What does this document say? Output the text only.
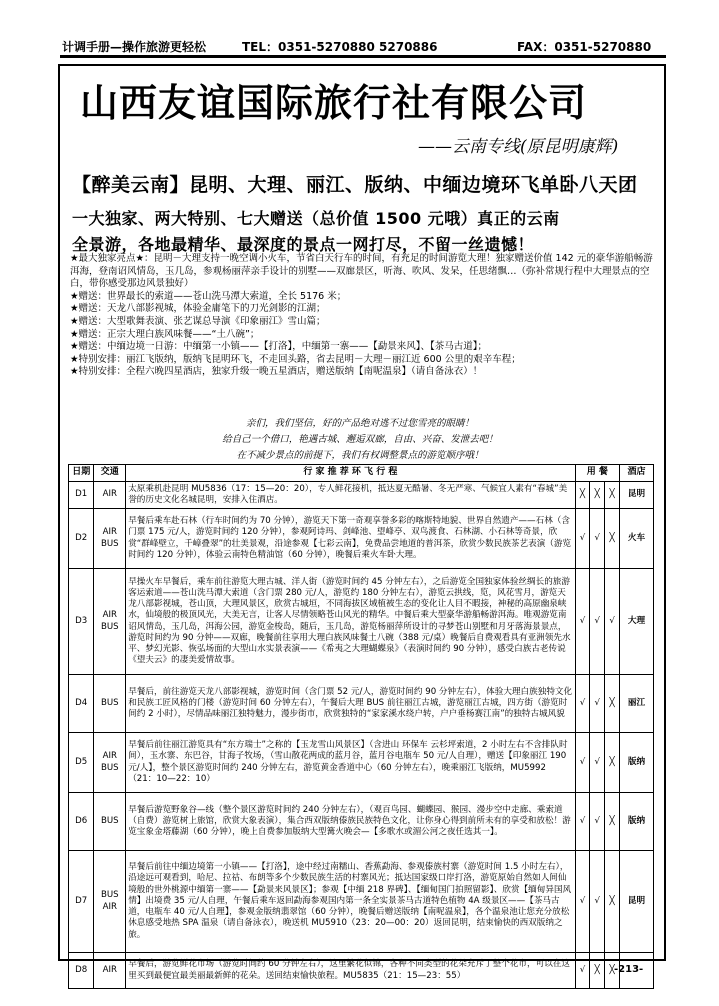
计调手册—操作旅游更轻松	TEL：0351-5270880 5270886	FAX：0351-5270880
山西友谊国际旅行社有限公司
——云南专线(原昆明康辉)
【醉美云南】昆明、大理、丽江、版纳、中缅边境环飞单卧八天团
一大独家、两大特别、七大赠送（总价值 1500 元哦）真正的云南
全景游，各地最精华、最深度的景点一网打尽，不留一丝遗憾！

★最大独家亮点★：昆明－大理支持一晚空调小火车，节省白天行车的时间，有充足的时间游览大理！独家赠送价值 142 元的豪华游船畅游洱海，登南诏风情岛，玉几岛，参观杨丽萍亲手设计的别墅——双廊景区，听海、吹风、发呆，任思绪飘…（弥补常规行程中大理景点的空白，带你感受那边风景独好）

★赠送：世界最长的索道——苍山洗马潭大索道，全长 5176 米；

★赠送：天龙八部影视城，体验金庸笔下的刀光剑影的江湖；

★赠送：大型歌舞表演、张艺谋总导演《印象丽江》雪山篇；

★赠送：正宗大理白族风味餐——“土八碗”；

★赠送：中缅边境一日游：中缅第一小镇——【打洛】，中缅第一寨——【勐景来风】、【茶马古道】；

★特别安排：丽江飞版纳，版纳飞昆明环飞，不走回头路，省去昆明－大理－丽江近 600 公里的艰辛车程；

★特别安排：全程六晚四星酒店，独家升级一晚五星酒店，赠送版纳【南呢温泉】（请自备泳衣）！

亲们，我们坚信，好的产品绝对逃不过您雪亮的眼睛！
给自己一个借口，艳遇古城、邂逅双廊，自由、兴奋、发泄去吧！
在不减少景点的前提下，我们有权调整景点的游览顺序哦！
日期	交通	行 家 推 荐 环 飞 行 程	用 餐			酒店
D1	AIR	太原乘机赴昆明 MU5836（17：15—20：20），专人鲜花接机，抵达夏无酷暑、冬无严寒、气候宜人素有“春城”美誉的历史文化名城昆明，安排入住酒店。	╳	╳	╳	昆明
D2	AIR BUS	早餐后乘车赴石林（行车时间约为 70 分钟），游览天下第一奇观享誉多彩的喀斯特地貌、世界自然遗产——石林（含门票 175 元/人，游览时间约 120 分钟），参观阿诗玛、剑峰池、望峰亭、双鸟渡食、石林湖、小石林等奇景，欣赏“群峰壁立，千嶂叠翠”的壮美景观，沿途参观【七彩云南】，免费品尝地道的普洱茶，欣赏少数民族茶艺表演（游览时间约 120 分钟），体验云南特色精油馆（60 分钟），晚餐后乘火车卧大理。	√	√	╳	火车
D3	AIR BUS	早操火车早餐后，乘车前往游览大理古城、洋人街（游览时间约 45 分钟左右），之后游览全国独家体验丝绸长的旅游客运索道——苍山洗马潭大索道（含门票 280 元/人，游览约 180 分钟左右），游览云拱线，览，风花雪月，游览天龙八部影视城，苍山顶，大理风景区，欣赏古城垣，不同海拔区域植被生态的变化让人目不暇接，神秘的高原幽泉峡水，仙境般的极顶风光，大美无言，让客人尽情领略苍山风光的精华。中餐后乘大型豪华游船畅游洱海。唯观游览南诏风情岛，玉几岛，洱海公园，游览金梭岛，随后，玉几岛，游览杨丽萍所设计的寻梦苍山别墅和月牙落海景景点，游览时间约为 90 分钟——双廊，晚餐前往享用大理白族风味餐土八碗（388 元/桌）晚餐后自费观看具有亚洲领先水平、梦幻光影、恢弘场面的大型山水实景表演——《希夷之大理蝴蝶泉》（表演时间约 90 分钟），感受白族古老传说《望夫云》的凄美爱情故事。	√	√	√	大理
D4	BUS	早餐后，前往游览天龙八部影视城，游览时间（含门票 52 元/人，游览时间约 90 分钟左右），体验大理白族独特文化和民族工匠风格的门楼（游览时间 60 分钟左右），午餐后大理 BUS 前往丽江古城，游览丽江古城，四方街（游览时间约 2 小时），尽情品味丽江独特魅力，漫步街市，欣赏独特的“家家溪水绕户转，户户垂杨赛江南”的独特古城风貌	√	√	╳	丽江
D5	AIR BUS	早餐后前往丽江游览具有“东方瑞士”之称的【玉龙雪山风景区】（含进山 环保车 云杉坪索道，2 小时左右不含排队时间），玉水寨、东巴谷，甘海子牧场，（雪山散花两成的蓝月谷，蓝月谷电瓶车 50 元/人自理），赠送【印象丽江 190 元/人】，整个景区游览时间约 240 分钟左右，游览黄金香道中心（60 分钟左右），晚乘丽江飞版纳，MU5992（21：10—22：10）	√	√	╳	版纳
D6	BUS	早餐后游览野象谷—线（整个景区游览时间约 240 分钟左右），（观百鸟园、蝴蝶园、猴园、漫步空中走廊、乘索道（自费）游览树上旅馆，欣赏大象表演），集合西双版纳傣族民族特色文化，让你身心得到前所未有的享受和放松！游览宝象金塔藤湖（60 分钟），晚上自费参加版纳大型篝火晚会—【多歌水或湄公河之夜任选其一】。	√	√	╳	版纳
D7	BUS AIR	早餐后前往中缅边境第一小镇——【打洛】，途中经过南糯山、香蕉勐海、参观傣族村寨（游览时间 1.5 小时左右），沿途远可观看到，哈尼、拉祜、布朗等多个少数民族生活的村寨风光；抵达国家级口岸打洛，游览原始自然如人间仙境般的世外桃源中缅第一寨——【勐景来风景区】；参观【中缅 218 界碑】、【缅甸国门拍照留影】、欣赏【缅甸异国风情】出境费 35 元/人自理，午餐后乘车返回勐海参观国内第一条全实景茶马古道特色植物 4A 级景区——【茶马古道，电瓶车 40 元/人自理】，参观金版纳翡翠馆（60 分钟），晚餐后赠送版纳【南呢温泉】，各个温泉池让您充分放松休息感受地热 SPA 温泉（请自备泳衣），晚送机 MU5910（23：20—00：20）返回昆明，结束愉快的西双版纳之旅。	√	√	╳	昆明
D8	AIR	早餐后，游览鲜花市场（游览时间约 60 分钟左右），这里繁花似锦，各种不同类型的花朵充斥了整个花市，可以在这里买到最便宜最美丽最新鲜的花朵。送回结束愉快旅程。MU5835（21：15—23：55）	√	╳	╳	-213-
